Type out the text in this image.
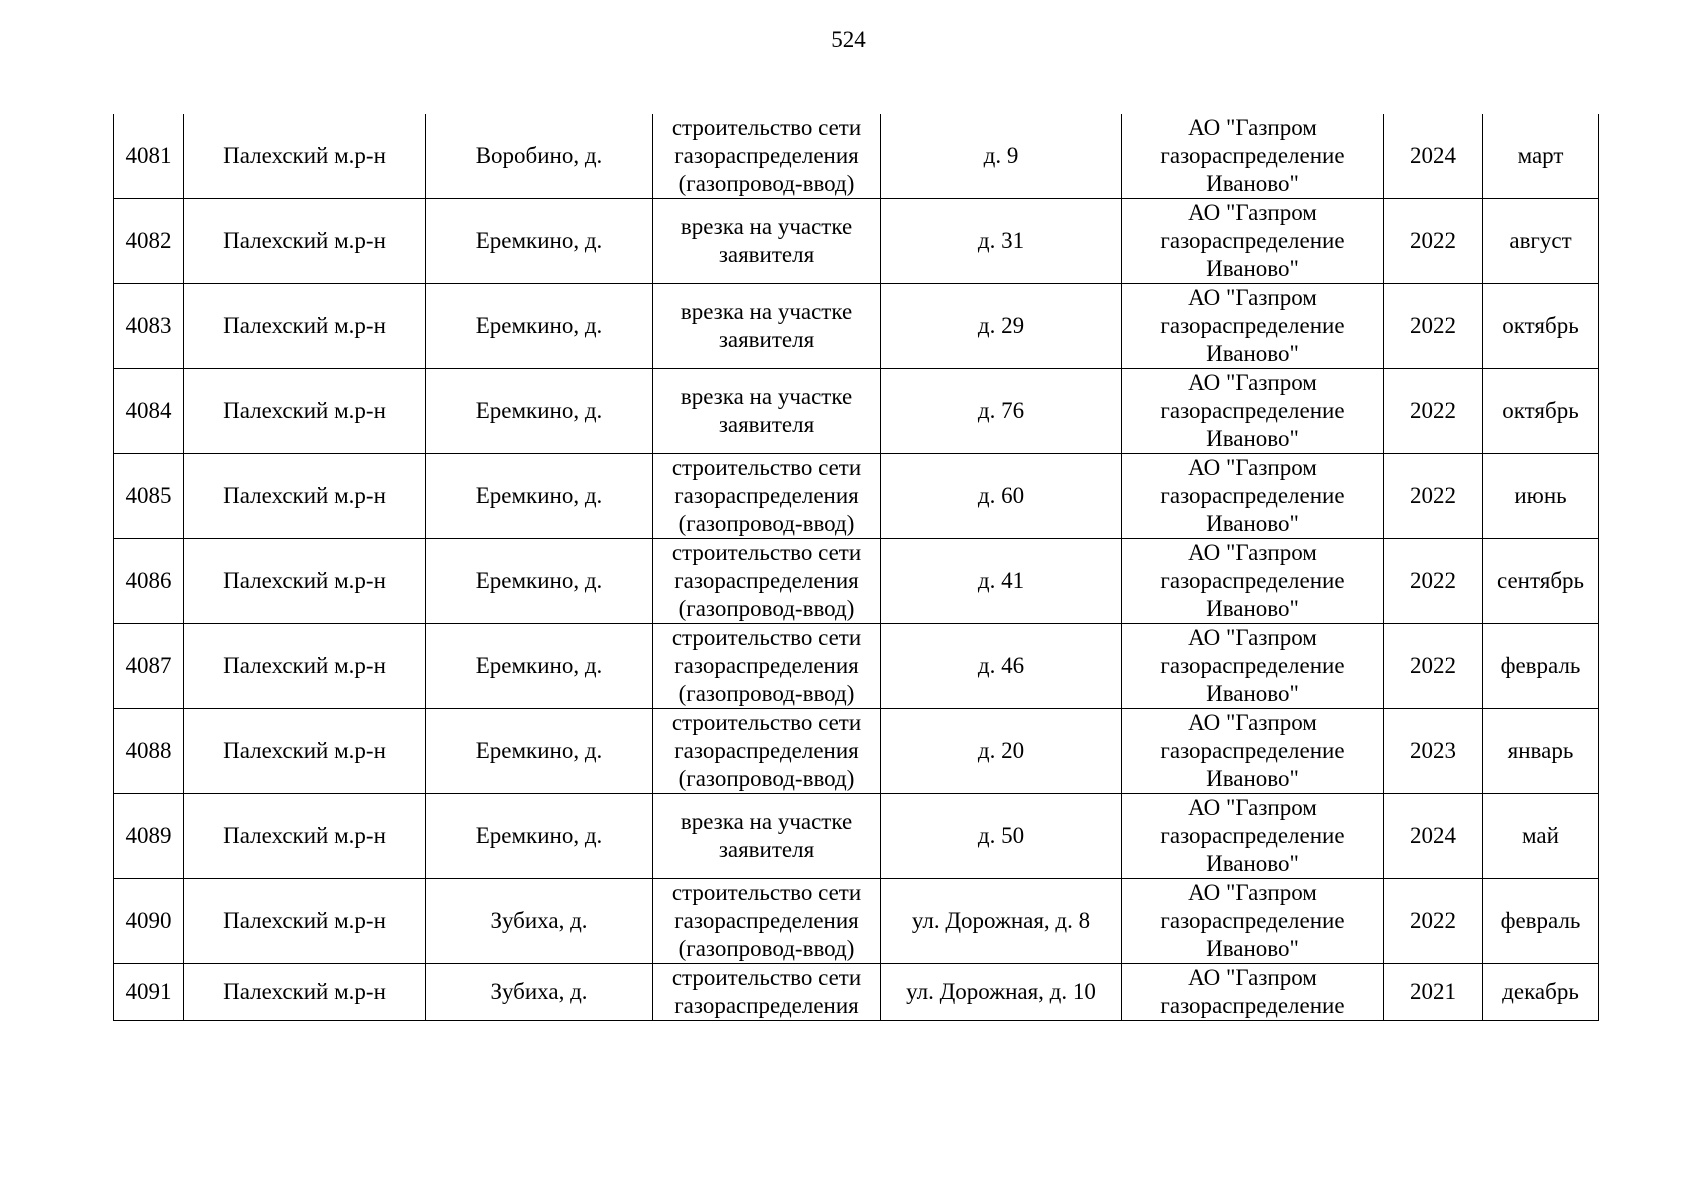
524
4081	Палехский м.р-н	Воробино, д.	строительство сети
газораспределения
(газопровод-ввод)	д. 9	АО "Газпром
газораспределение
Иваново"	2024	март
4082	Палехский м.р-н	Еремкино, д.	врезка на участке
заявителя	д. 31	АО "Газпром
газораспределение
Иваново"	2022	август
4083	Палехский м.р-н	Еремкино, д.	врезка на участке
заявителя	д. 29	АО "Газпром
газораспределение
Иваново"	2022	октябрь
4084	Палехский м.р-н	Еремкино, д.	врезка на участке
заявителя	д. 76	АО "Газпром
газораспределение
Иваново"	2022	октябрь
4085	Палехский м.р-н	Еремкино, д.	строительство сети
газораспределения
(газопровод-ввод)	д. 60	АО "Газпром
газораспределение
Иваново"	2022	июнь
4086	Палехский м.р-н	Еремкино, д.	строительство сети
газораспределения
(газопровод-ввод)	д. 41	АО "Газпром
газораспределение
Иваново"	2022	сентябрь
4087	Палехский м.р-н	Еремкино, д.	строительство сети
газораспределения
(газопровод-ввод)	д. 46	АО "Газпром
газораспределение
Иваново"	2022	февраль
4088	Палехский м.р-н	Еремкино, д.	строительство сети
газораспределения
(газопровод-ввод)	д. 20	АО "Газпром
газораспределение
Иваново"	2023	январь
4089	Палехский м.р-н	Еремкино, д.	врезка на участке
заявителя	д. 50	АО "Газпром
газораспределение
Иваново"	2024	май
4090	Палехский м.р-н	Зубиха, д.	строительство сети
газораспределения
(газопровод-ввод)	ул. Дорожная, д. 8	АО "Газпром
газораспределение
Иваново"	2022	февраль
4091	Палехский м.р-н	Зубиха, д.	строительство сети
газораспределения	ул. Дорожная, д. 10	АО "Газпром
газораспределение	2021	декабрь
